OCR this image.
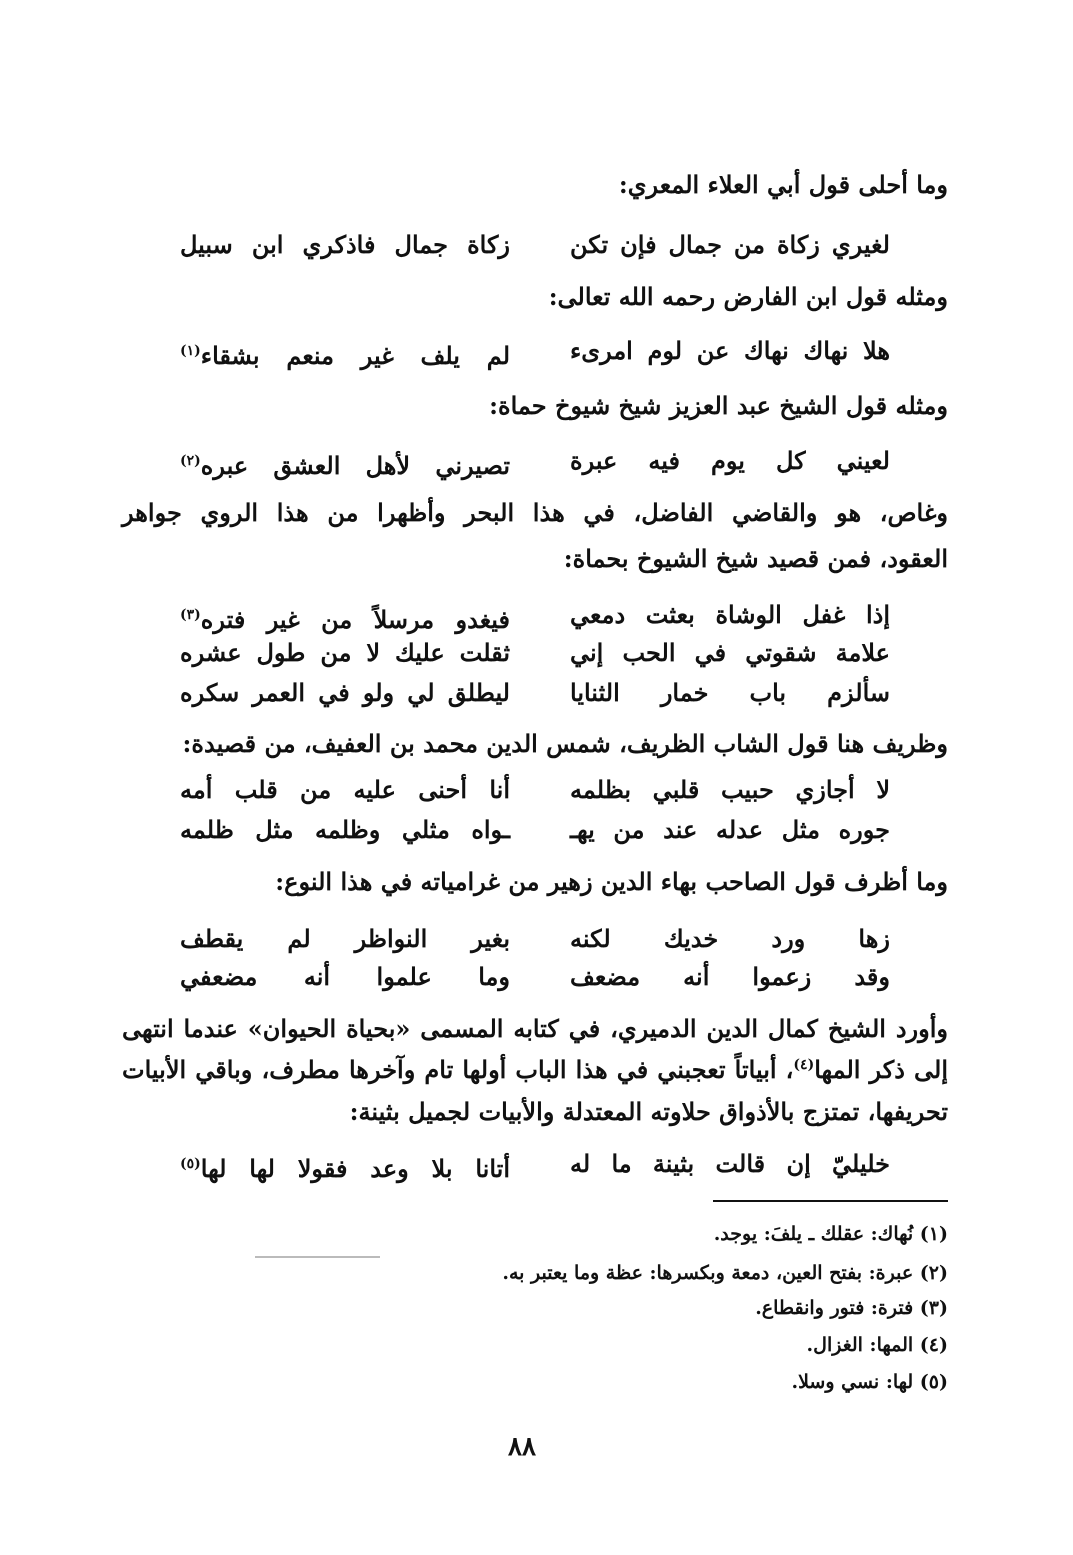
وما أحلى قول أبي العلاء المعري:
لغيري زكاة من جمال فإن تكن
زكاة جمال فاذكري ابن سبيل
ومثله قول ابن الفارض رحمه الله تعالى:
هلا نهاك نهاك عن لوم امرىء
لم يلف غير منعم بشقاء$^{(١)}$
ومثله قول الشيخ عبد العزيز شيخ شيوخ حماة:
لعيني كل يوم فيه عبرة
تصيرني لأهل العشق عبره$^{(٢)}$
وغاص، هو والقاضي الفاضل، في هذا البحر وأظهرا من هذا الروي جواهر
العقود، فمن قصيد شيخ الشيوخ بحماة:
إذا غفل الوشاة بعثت دمعي
فيغدو مرسلاً من غير فتره$^{(٣)}$
علامة شقوتي في الحب إني
ثقلت عليك لا من طول عشره
سألزم باب خمار الثنايا
ليطلق لي ولو في العمر سكره
وظريف هنا قول الشاب الظريف، شمس الدين محمد بن العفيف، من قصيدة:
لا أجازي حبيب قلبي بظلمه
أنا أحنى عليه من قلب أمه
جوره مثل عدله عند من يهـ
ـواه مثلي وظلمه مثل ظلمه
وما أظرف قول الصاحب بهاء الدين زهير من غرامياته في هذا النوع:
زها ورد خديك لكنه
بغير النواظر لم يقطف
وقد زعموا أنه مضعف
وما علموا أنه مضعفي
وأورد الشيخ كمال الدين الدميري، في كتابه المسمى «بحياة الحيوان» عندما انتهى
إلى ذكر المها$^{(٤)}$، أبياتاً تعجبني في هذا الباب أولها تام وآخرها مطرف، وباقي الأبيات
تحريفها، تمتزج بالأذواق حلاوته المعتدلة والأبيات لجميل بثينة:
خليليّ إن قالت بثينة ما له
أتانا بلا وعد فقولا لها لها$^{(٥)}$
(١) نُهاك: عقلك ـ يلفَ: يوجد.
(٢) عبرة: بفتح العين، دمعة وبكسرها: عظة وما يعتبر به.
(٣) فترة: فتور وانقطاع.
(٤) المها: الغزال.
(٥) لها: نسي وسلا.
٨٨
